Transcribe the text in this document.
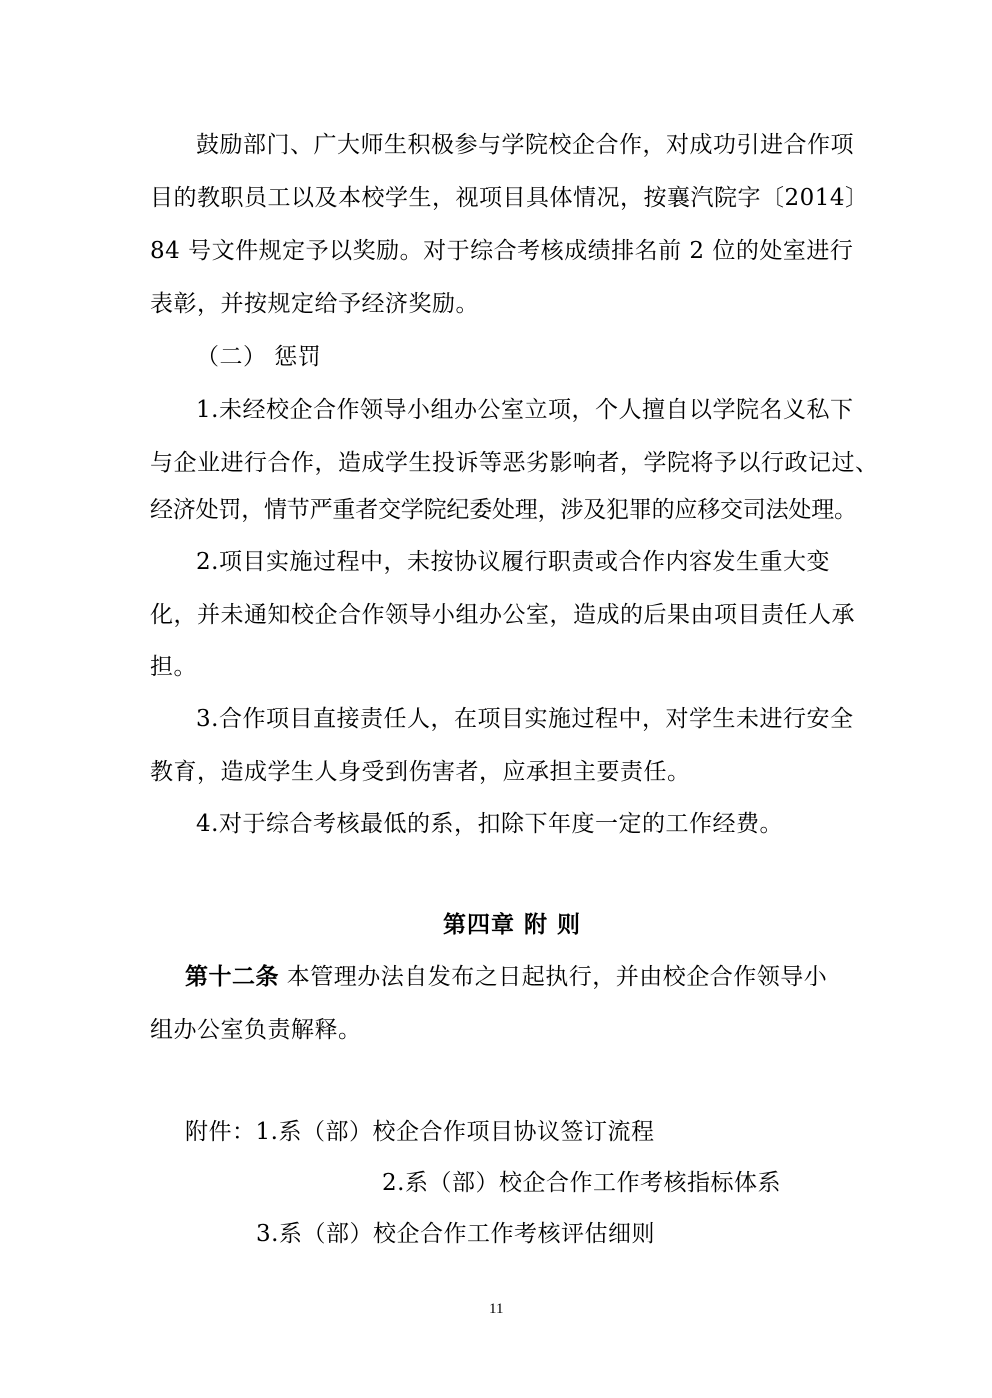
鼓励部门、广大师生积极参与学院校企合作，对成功引进合作项
目的教职员工以及本校学生，视项目具体情况，按襄汽院字〔2014〕
84 号文件规定予以奖励。对于综合考核成绩排名前 2 位的处室进行
表彰，并按规定给予经济奖励。
（二） 惩罚
1.未经校企合作领导小组办公室立项，个人擅自以学院名义私下
与企业进行合作，造成学生投诉等恶劣影响者，学院将予以行政记过、
经济处罚，情节严重者交学院纪委处理，涉及犯罪的应移交司法处理。
2.项目实施过程中，未按协议履行职责或合作内容发生重大变
化，并未通知校企合作领导小组办公室，造成的后果由项目责任人承
担。
3.合作项目直接责任人，在项目实施过程中，对学生未进行安全
教育，造成学生人身受到伤害者，应承担主要责任。
4.对于综合考核最低的系，扣除下年度一定的工作经费。
第四章 附 则
第十二条 本管理办法自发布之日起执行，并由校企合作领导小
组办公室负责解释。
附件：1.系（部）校企合作项目协议签订流程
2.系（部）校企合作工作考核指标体系
3.系（部）校企合作工作考核评估细则
11
